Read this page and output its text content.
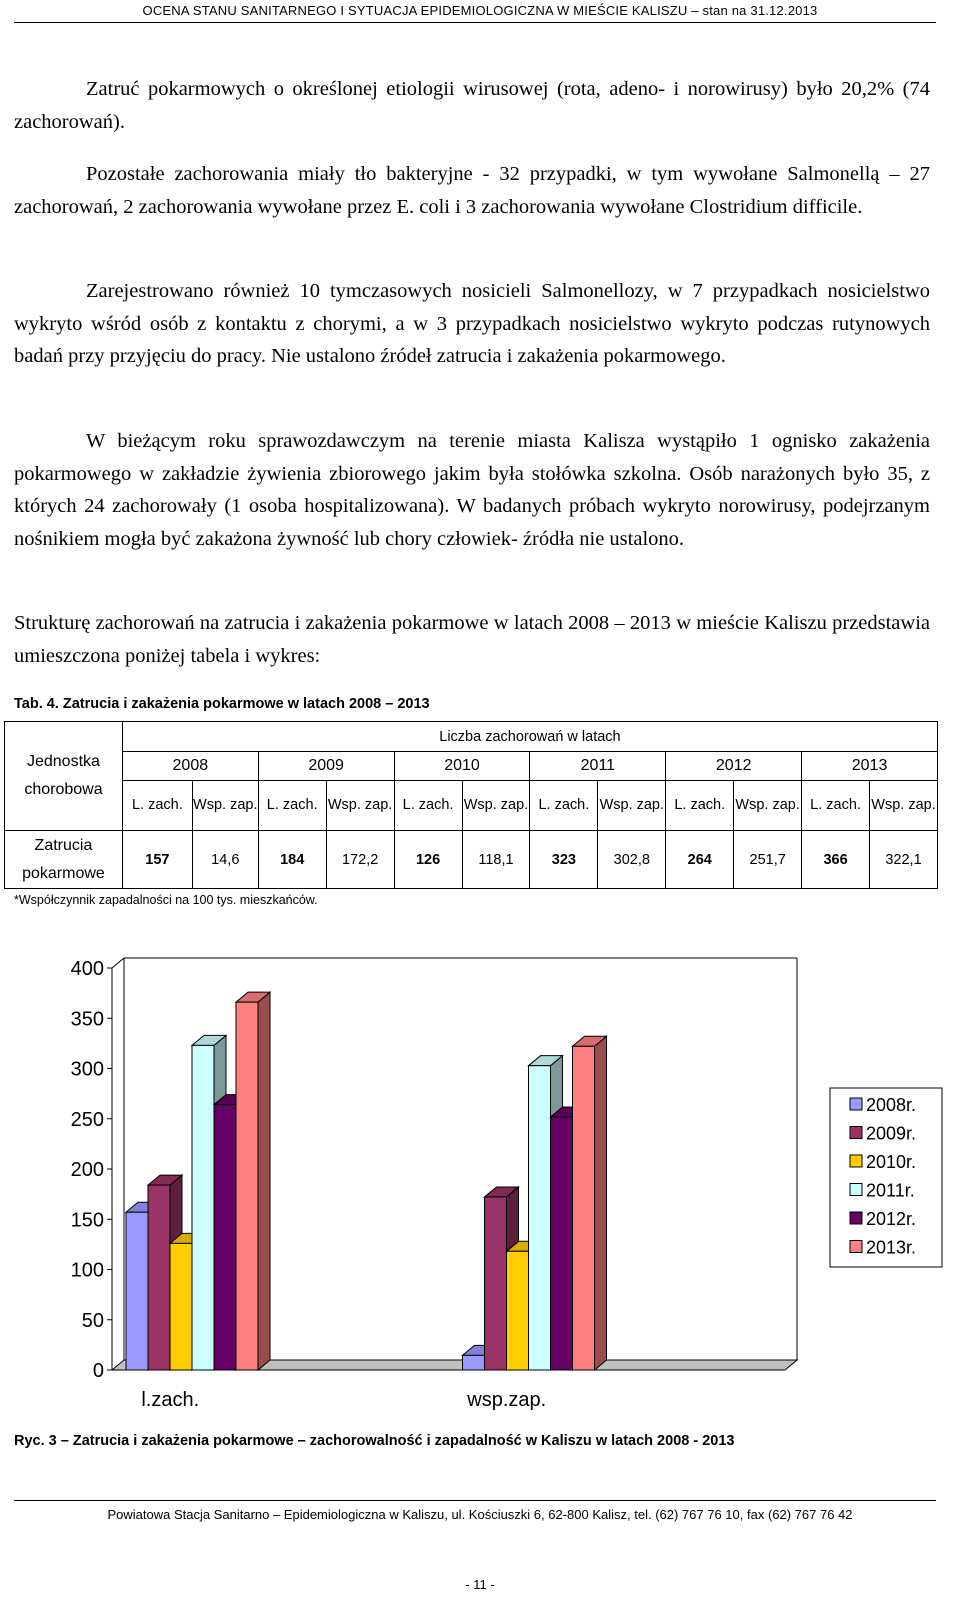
OCENA STANU SANITARNEGO I SYTUACJA EPIDEMIOLOGICZNA W MIEŚCIE KALISZU – stan na 31.12.2013

Zatruć pokarmowych o określonej etiologii wirusowej (rota, adeno- i norowirusy) było 20,2% (74 zachorowań).

Pozostałe zachorowania miały tło bakteryjne - 32 przypadki, w tym wywołane Salmonellą – 27 zachorowań, 2 zachorowania wywołane przez E. coli i 3 zachorowania wywołane Clostridium difficile.

Zarejestrowano również 10 tymczasowych nosicieli Salmonellozy, w 7 przypadkach nosicielstwo wykryto wśród osób z kontaktu z chorymi, a w 3 przypadkach nosicielstwo wykryto podczas rutynowych badań przy przyjęciu do pracy. Nie ustalono źródeł zatrucia i zakażenia pokarmowego.

W bieżącym roku sprawozdawczym na terenie miasta Kalisza wystąpiło 1 ognisko zakażenia pokarmowego w zakładzie żywienia zbiorowego jakim była stołówka szkolna. Osób narażonych było 35, z których 24 zachorowały (1 osoba hospitalizowana). W badanych próbach wykryto norowirusy, podejrzanym nośnikiem mogła być zakażona żywność lub chory człowiek- źródła nie ustalono.

Strukturę zachorowań na zatrucia i zakażenia pokarmowe w latach 2008 – 2013 w mieście Kaliszu przedstawia umieszczona poniżej tabela i wykres:

Tab. 4. Zatrucia i zakażenia pokarmowe w latach 2008 – 2013
Jednostka chorobowa	Liczba zachorowań w latach											
	2008		2009		2010		2011		2012		2013	
	L. zach.	Wsp. zap.	L. zach.	Wsp. zap.	L. zach.	Wsp. zap.	L. zach.	Wsp. zap.	L. zach.	Wsp. zap.	L. zach.	Wsp. zap.
Zatrucia pokarmowe	157	14,6	184	172,2	126	118,1	323	302,8	264	251,7	366	322,1
*Współczynnik zapadalności na 100 tys. mieszkańców.
0
50
100
150
200
250
300
350
400
l.zach.	wsp.zap.
2008r.
2009r.
2010r.
2011r.
2012r.
2013r.
Ryc. 3 – Zatrucia i zakażenia pokarmowe – zachorowalność i zapadalność w Kaliszu w latach 2008 - 2013
Powiatowa Stacja Sanitarno – Epidemiologiczna w Kaliszu, ul. Kościuszki 6, 62-800 Kalisz, tel. (62) 767 76 10, fax (62) 767 76 42
- 11 -
